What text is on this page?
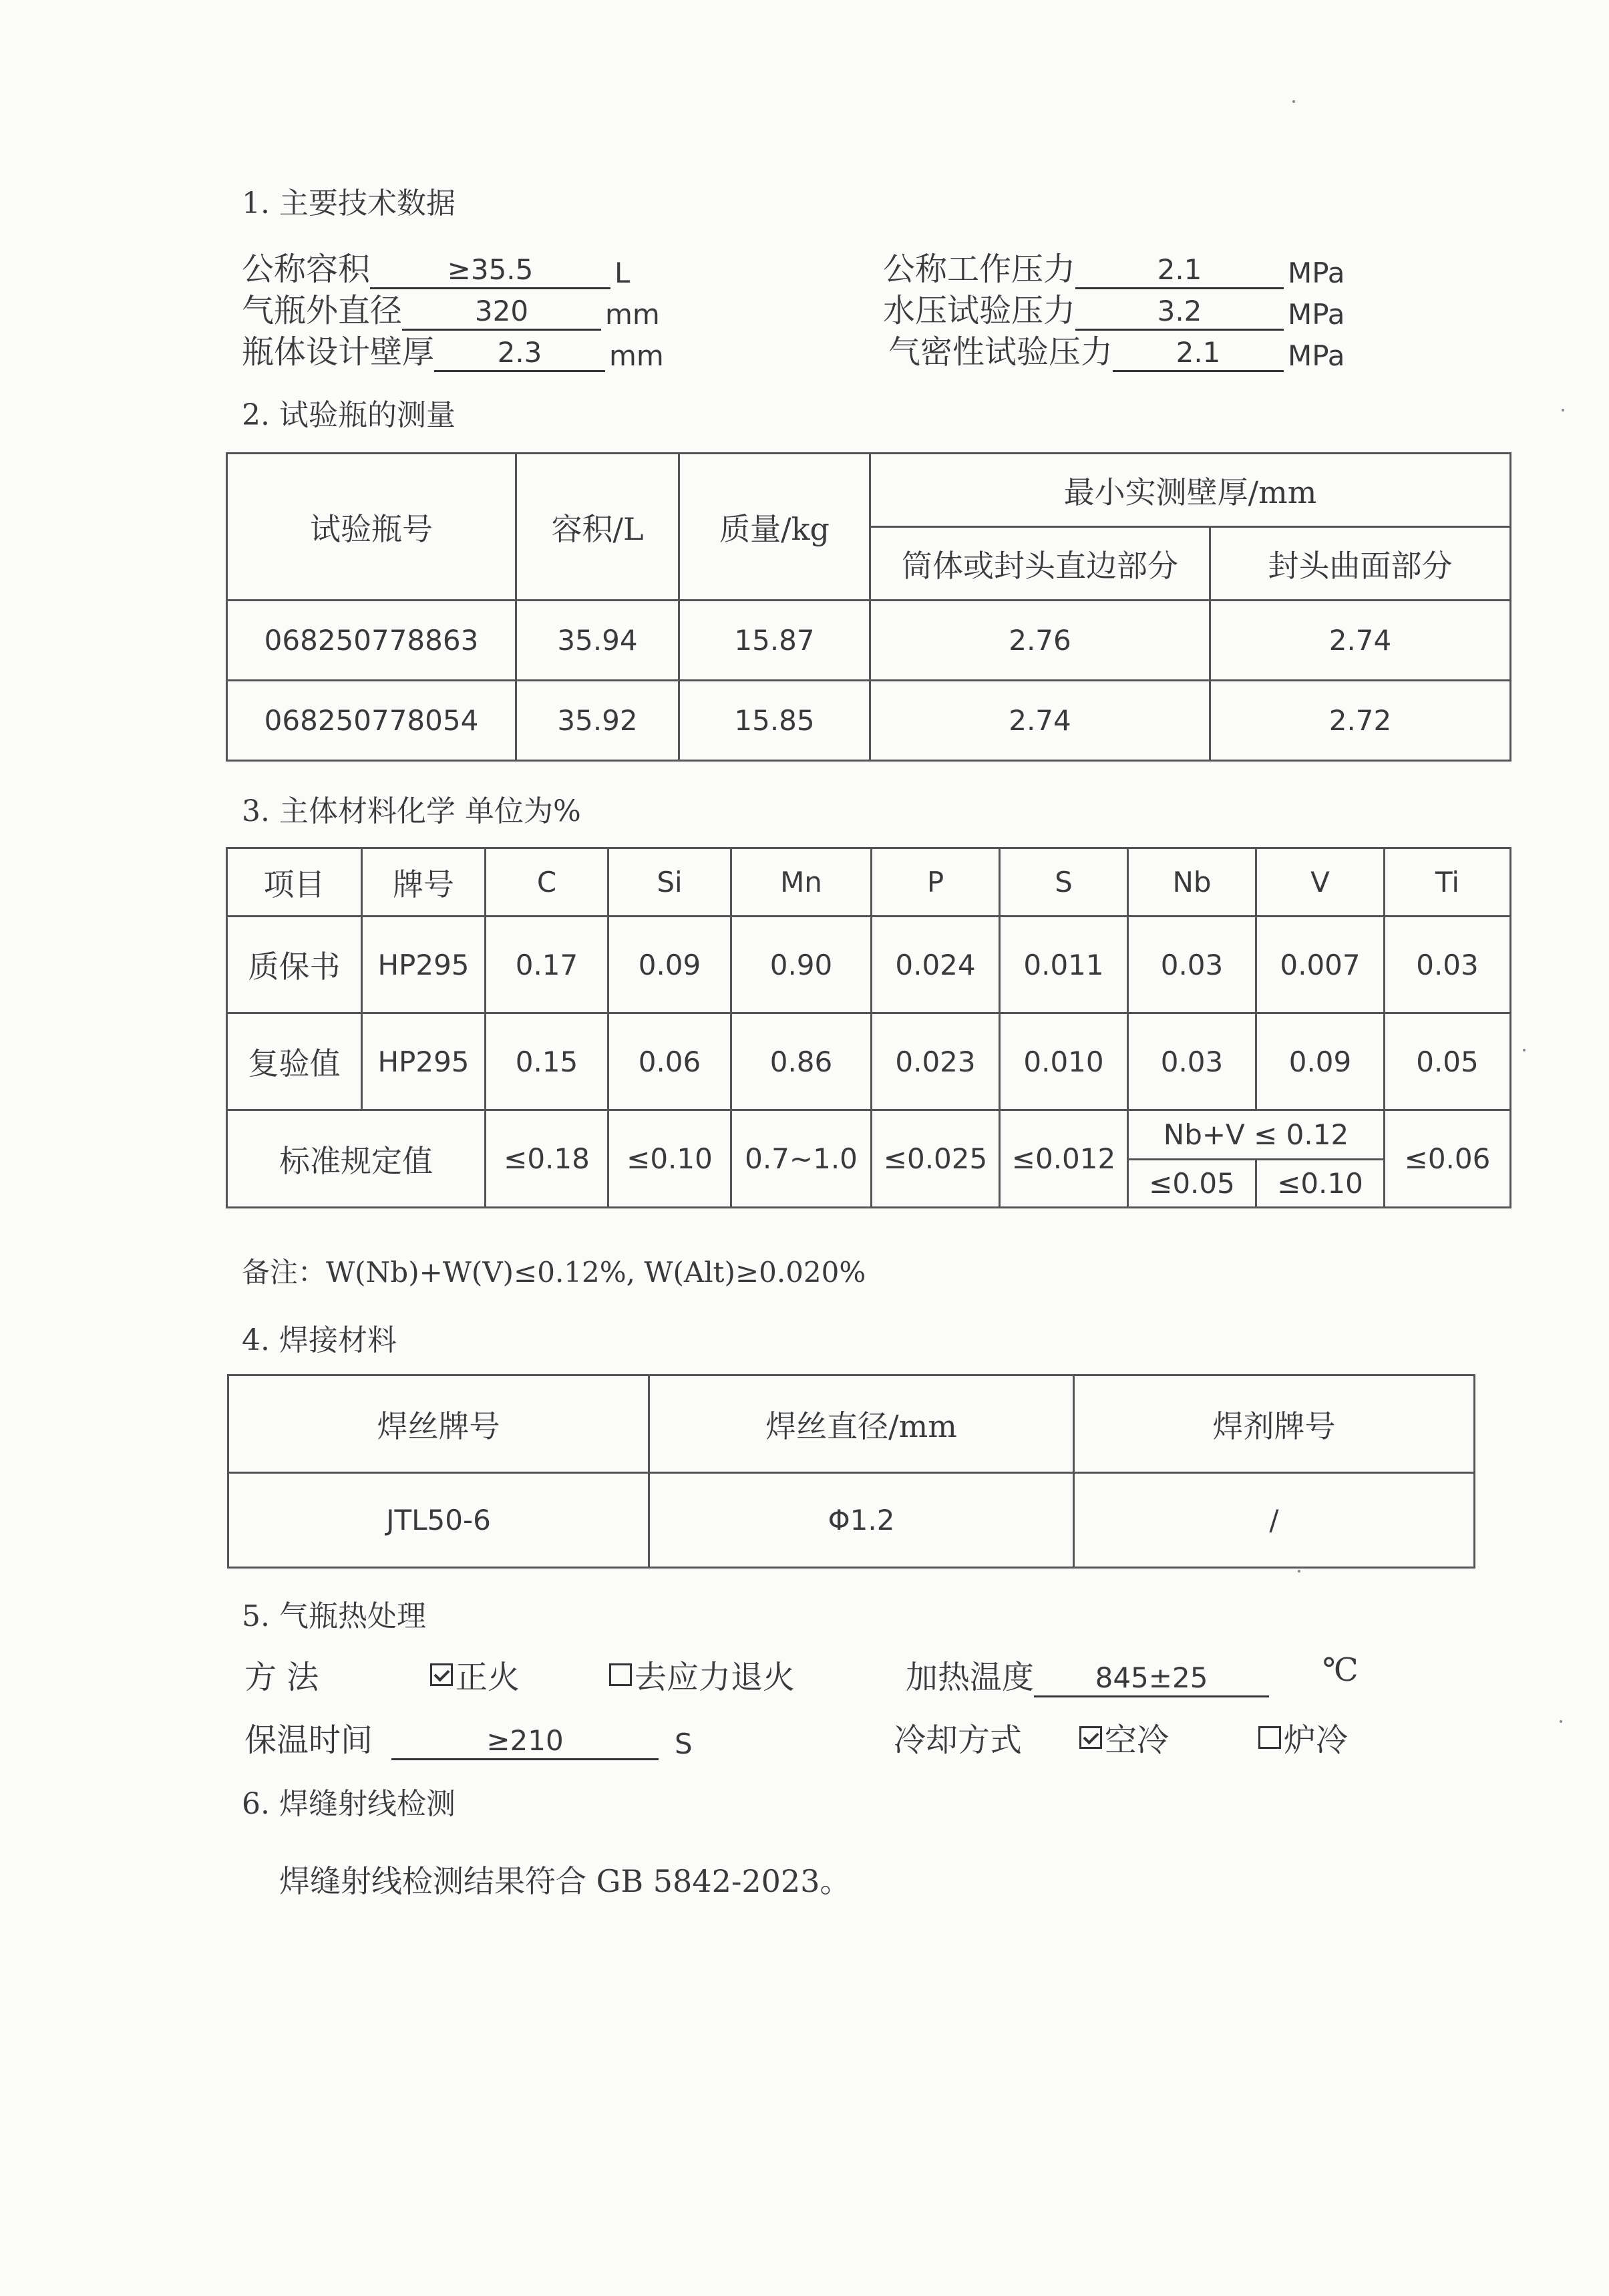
1. 主要技术数据
公称容积	≥35.5	L
气瓶外直径	320	mm
瓶体设计壁厚	2.3	mm
公称工作压力	2.1	MPa
水压试验压力	3.2	MPa
气密性试验压力	2.1	MPa
2. 试验瓶的测量
试验瓶号	容积/L	质量/kg	最小实测壁厚/mm	
			筒体或封头直边部分	封头曲面部分
068250778863	35.94	15.87	2.76	2.74
068250778054	35.92	15.85	2.74	2.72
3. 主体材料化学 单位为%
项目	牌号	C	Si	Mn	P	S	Nb	V	Ti
质保书	HP295	0.17	0.09	0.90	0.024	0.011	0.03	0.007	0.03
复验值	HP295	0.15	0.06	0.86	0.023	0.010	0.03	0.09	0.05
标准规定值		≤0.18	≤0.10	0.7~1.0	≤0.025	≤0.012	Nb+V ≤ 0.12		≤0.06
							≤0.05	≤0.10	
备注：W(Nb)+W(V)≤0.12%, W(Alt)≥0.020%
4. 焊接材料
焊丝牌号	焊丝直径/mm	焊剂牌号
JTL50-6	Φ1.2	/
5. 气瓶热处理
方 法	正火	去应力退火	加热温度	845±25	℃
保温时间	≥210	S	冷却方式	空冷	炉冷
6. 焊缝射线检测
焊缝射线检测结果符合 GB 5842-2023。
